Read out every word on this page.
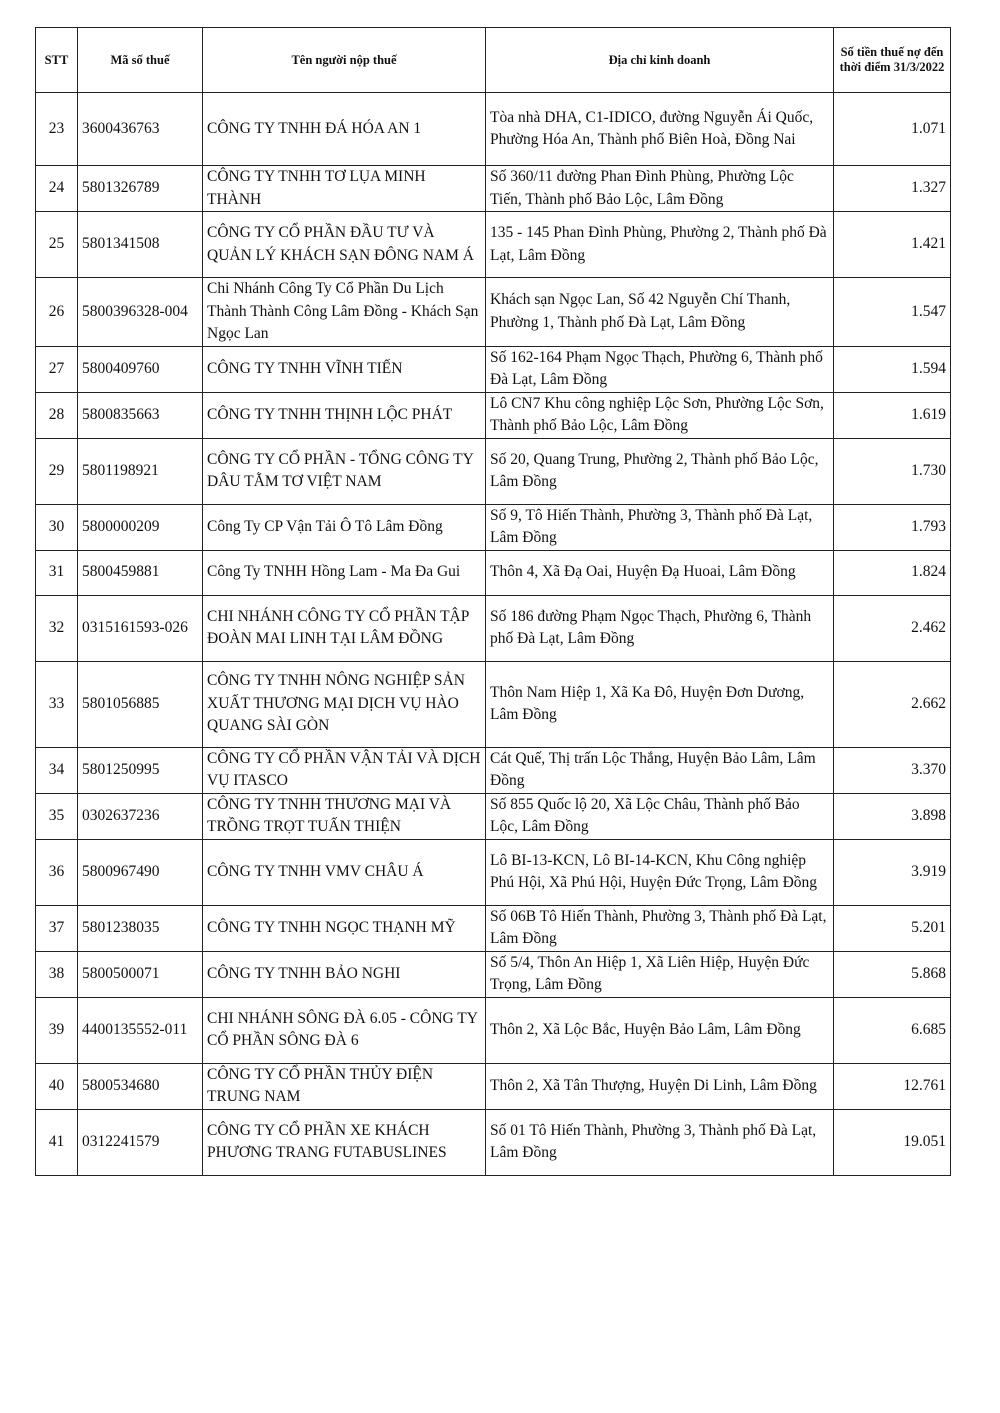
STT	Mã số thuế	Tên người nộp thuế	Địa chỉ kinh doanh	Số tiền thuế nợ đến thời điểm 31/3/2022
23	3600436763	CÔNG TY TNHH ĐÁ HÓA AN 1	Tòa nhà DHA, C1-IDICO, đường Nguyễn Ái Quốc, Phường Hóa An, Thành phố Biên Hoà, Đồng Nai	1.071
24	5801326789	CÔNG TY TNHH TƠ LỤA MINH THÀNH	Số 360/11 đường Phan Đình Phùng, Phường Lộc Tiến, Thành phố Bảo Lộc, Lâm Đồng	1.327
25	5801341508	CÔNG TY CỔ PHẦN ĐẦU TƯ VÀ QUẢN LÝ KHÁCH SẠN ĐÔNG NAM Á	135 - 145 Phan Đình Phùng, Phường 2, Thành phố Đà Lạt, Lâm Đồng	1.421
26	5800396328-004	Chi Nhánh Công Ty Cổ Phần Du Lịch Thành Thành Công Lâm Đồng - Khách Sạn Ngọc Lan	Khách sạn Ngọc Lan, Số 42 Nguyễn Chí Thanh, Phường 1, Thành phố Đà Lạt, Lâm Đồng	1.547
27	5800409760	CÔNG TY TNHH VĨNH TIẾN	Số 162-164 Phạm Ngọc Thạch, Phường 6, Thành phố Đà Lạt, Lâm Đồng	1.594
28	5800835663	CÔNG TY TNHH THỊNH LỘC PHÁT	Lô CN7 Khu công nghiệp Lộc Sơn, Phường Lộc Sơn, Thành phố Bảo Lộc, Lâm Đồng	1.619
29	5801198921	CÔNG TY CỔ PHẦN - TỔNG CÔNG TY DÂU TẰM TƠ VIỆT NAM	Số 20, Quang Trung, Phường 2, Thành phố Bảo Lộc, Lâm Đồng	1.730
30	5800000209	Công Ty CP Vận Tải Ô Tô Lâm Đồng	Số 9, Tô Hiến Thành, Phường 3, Thành phố Đà Lạt, Lâm Đồng	1.793
31	5800459881	Công Ty TNHH Hồng Lam - Ma Đa Gui	Thôn 4, Xã Đạ Oai, Huyện Đạ Huoai, Lâm Đồng	1.824
32	0315161593-026	CHI NHÁNH CÔNG TY CỔ PHẦN TẬP ĐOÀN MAI LINH TẠI LÂM ĐỒNG	Số 186 đường Phạm Ngọc Thạch, Phường 6, Thành phố Đà Lạt, Lâm Đồng	2.462
33	5801056885	CÔNG TY TNHH NÔNG NGHIỆP SẢN XUẤT THƯƠNG MẠI DỊCH VỤ HÀO QUANG SÀI GÒN	Thôn Nam Hiệp 1, Xã Ka Đô, Huyện Đơn Dương, Lâm Đồng	2.662
34	5801250995	CÔNG TY CỔ PHẦN VẬN TẢI VÀ DỊCH VỤ ITASCO	Cát Quế, Thị trấn Lộc Thắng, Huyện Bảo Lâm, Lâm Đồng	3.370
35	0302637236	CÔNG TY TNHH THƯƠNG MẠI VÀ TRỒNG TRỌT TUẤN THIỆN	Số 855 Quốc lộ 20, Xã Lộc Châu, Thành phố Bảo Lộc, Lâm Đồng	3.898
36	5800967490	CÔNG TY TNHH VMV CHÂU Á	Lô BI-13-KCN, Lô BI-14-KCN, Khu Công nghiệp Phú Hội, Xã Phú Hội, Huyện Đức Trọng, Lâm Đồng	3.919
37	5801238035	CÔNG TY TNHH NGỌC THẠNH MỸ	Số 06B Tô Hiến Thành, Phường 3, Thành phố Đà Lạt, Lâm Đồng	5.201
38	5800500071	CÔNG TY TNHH BẢO NGHI	Số 5/4, Thôn An Hiệp 1, Xã Liên Hiệp, Huyện Đức Trọng, Lâm Đồng	5.868
39	4400135552-011	CHI NHÁNH SÔNG ĐÀ 6.05 - CÔNG TY CỔ PHẦN SÔNG ĐÀ 6	Thôn 2, Xã Lộc Bắc, Huyện Bảo Lâm, Lâm Đồng	6.685
40	5800534680	CÔNG TY CỔ PHẦN THỦY ĐIỆN TRUNG NAM	Thôn 2, Xã Tân Thượng, Huyện Di Linh, Lâm Đồng	12.761
41	0312241579	CÔNG TY CỔ PHẦN XE KHÁCH PHƯƠNG TRANG FUTABUSLINES	Số 01 Tô Hiến Thành, Phường 3, Thành phố Đà Lạt, Lâm Đồng	19.051
